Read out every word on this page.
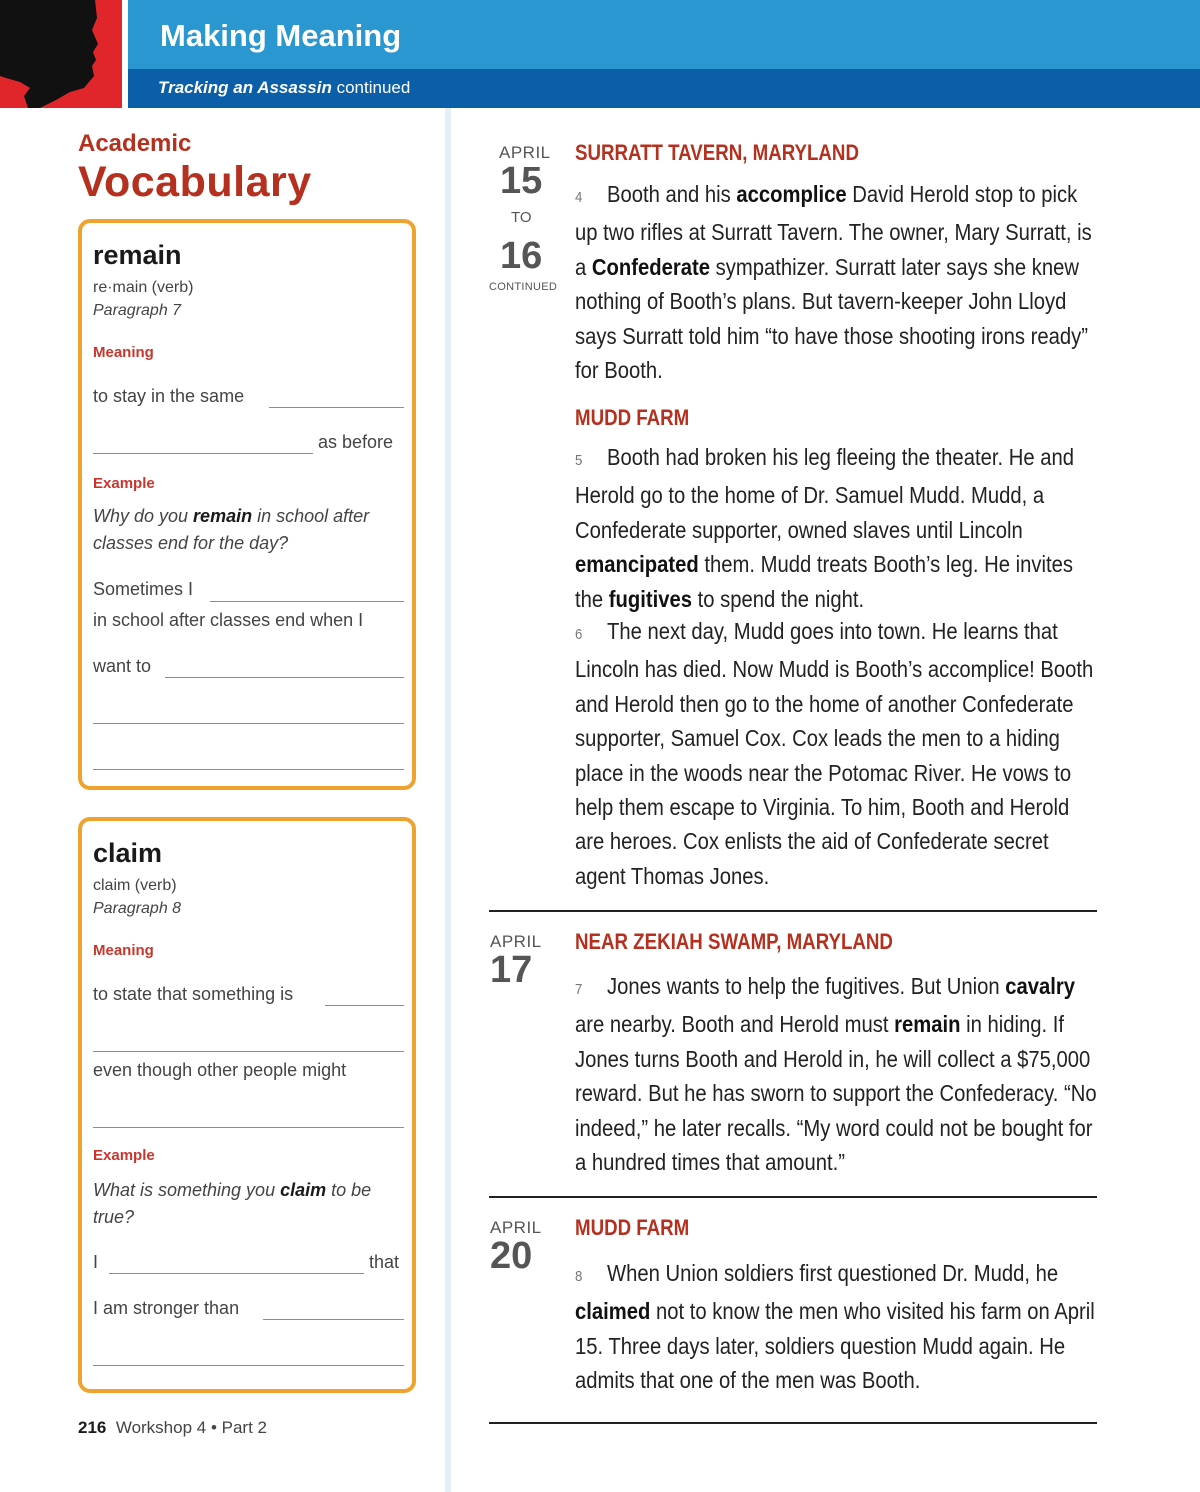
Making Meaning
Tracking an Assassin continued
Academic
Vocabulary
remain
re·main (verb)
Paragraph 7
Meaning
to stay in the same
as before
Example
Why do you remain in school after classes end for the day?
Sometimes I
in school after classes end when I
want to
claim
claim (verb)
Paragraph 8
Meaning
to state that something is
even though other people might
Example
What is something you claim to be true?
I	that
I am stronger than
216 Workshop 4 • Part 2
APRIL
15
TO
16
CONTINUED
SURRATT TAVERN, MARYLAND
4 Booth and his accomplice David Herold stop to pick up two rifles at Surratt Tavern. The owner, Mary Surratt, is a Confederate sympathizer. Surratt later says she knew nothing of Booth’s plans. But tavern-keeper John Lloyd says Surratt told him “to have those shooting irons ready” for Booth.
MUDD FARM
5 Booth had broken his leg fleeing the theater. He and Herold go to the home of Dr. Samuel Mudd. Mudd, a Confederate supporter, owned slaves until Lincoln emancipated them. Mudd treats Booth’s leg. He invites the fugitives to spend the night.
6 The next day, Mudd goes into town. He learns that Lincoln has died. Now Mudd is Booth’s accomplice! Booth and Herold then go to the home of another Confederate supporter, Samuel Cox. Cox leads the men to a hiding place in the woods near the Potomac River. He vows to help them escape to Virginia. To him, Booth and Herold are heroes. Cox enlists the aid of Confederate secret agent Thomas Jones.
APRIL
17
NEAR ZEKIAH SWAMP, MARYLAND
7 Jones wants to help the fugitives. But Union cavalry are nearby. Booth and Herold must remain in hiding. If Jones turns Booth and Herold in, he will collect a $75,000 reward. But he has sworn to support the Confederacy. “No indeed,” he later recalls. “My word could not be bought for a hundred times that amount.”
APRIL
20
MUDD FARM
8 When Union soldiers first questioned Dr. Mudd, he claimed not to know the men who visited his farm on April 15. Three days later, soldiers question Mudd again. He admits that one of the men was Booth.
